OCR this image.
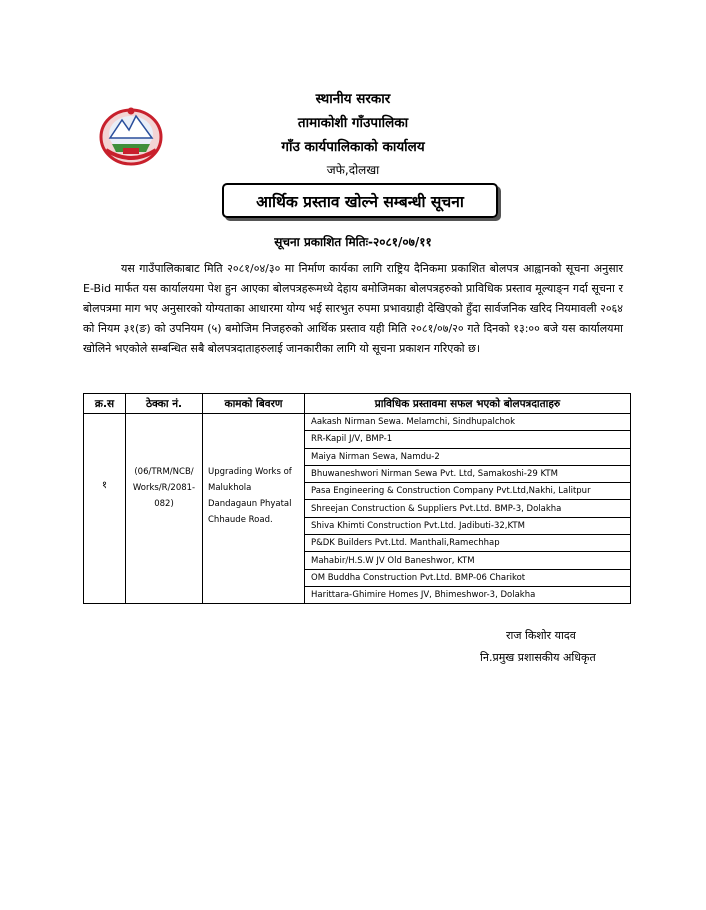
स्थानीय सरकार
तामाकोशी गाँउपालिका
गाँउ कार्यपालिकाको कार्यालय
जफे,दोलखा
आर्थिक प्रस्ताव खोल्ने सम्बन्धी सूचना
सूचना प्रकाशित मितिः-२०८१/०७/११
यस गाउँपालिकाबाट मिति २०८१/०४/३० मा निर्माण कार्यका लागि राष्ट्रिय दैनिकमा प्रकाशित बोलपत्र आह्वानको सूचना अनुसार E-Bid मार्फत यस कार्यालयमा पेश हुन आएका बोलपत्रहरूमध्ये देहाय बमोजिमका बोलपत्रहरुको प्राविधिक प्रस्ताव मूल्याङ्न गर्दा सूचना र बोलपत्रमा माग भए अनुसारको योग्यताका आधारमा योग्य भई सारभुत रुपमा प्रभावग्राही देखिएको हुँदा सार्वजनिक खरिद नियमावली २०६४ को नियम ३१(ङ) को उपनियम (५) बमोजिम निजहरुको आर्थिक प्रस्ताव यही मिति २०८१/०७/२० गते दिनको १३:०० बजे यस कार्यालयमा खोलिने भएकोले सम्बन्धित सबै बोलपत्रदाताहरुलाई जानकारीका लागि यो सूचना प्रकाशन गरिएको छ।
क्र.स	ठेक्का नं.	कामको बिवरण	प्राविधिक प्रस्तावमा सफल भएको बोलपत्रदाताहरु
१	(06/TRM/NCB/ Works/R/2081- 082)	Upgrading Works of Malukhola Dandagaun Phyatal Chhaude Road.	
Aakash Nirman Sewa. Melamchi, Sindhupalchok
RR-Kapil J/V, BMP-1
Maiya Nirman Sewa, Namdu-2
Bhuwaneshwori Nirman Sewa Pvt. Ltd, Samakoshi-29 KTM
Pasa Engineering & Construction Company Pvt.Ltd,Nakhi, Lalitpur
Shreejan Construction & Suppliers Pvt.Ltd. BMP-3, Dolakha
Shiva Khimti Construction Pvt.Ltd. Jadibuti-32,KTM
P&DK Builders Pvt.Ltd. Manthali,Ramechhap
Mahabir/H.S.W JV Old Baneshwor, KTM
OM Buddha Construction Pvt.Ltd. BMP-06 Charikot
Harittara-Ghimire Homes JV, Bhimeshwor-3, Dolakha
राज किशोर यादव
नि.प्रमुख प्रशासकीय अधिकृत
